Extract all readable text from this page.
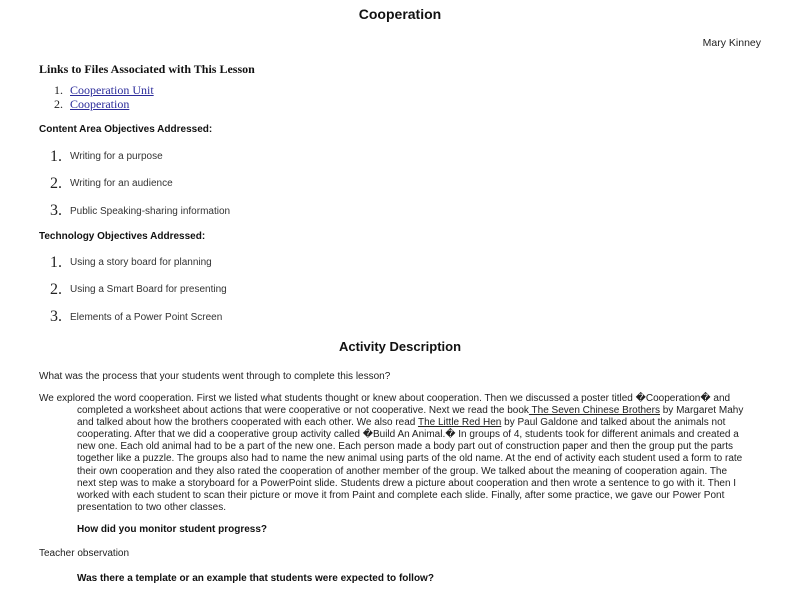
Cooperation
Mary Kinney
Links to Files Associated with This Lesson
1. Cooperation Unit
2. Cooperation
Content Area Objectives Addressed:
1. Writing for a purpose
2. Writing for an audience
3. Public Speaking-sharing information
Technology Objectives Addressed:
1. Using a story board for planning
2. Using a Smart Board for presenting
3. Elements of a Power Point Screen
Activity Description
What was the process that your students went through to complete this lesson?
We explored the word cooperation. First we listed what students thought or knew about cooperation. Then we discussed a poster titled �Cooperation� and
completed a worksheet about actions that were cooperative or not cooperative. Next we read the book The Seven Chinese Brothers by Margaret Mahy
and talked about how the brothers cooperated with each other. We also read The Little Red Hen by Paul Galdone and talked about the animals not
cooperating. After that we did a cooperative group activity called �Build An Animal.� In groups of 4, students took for different animals and created a
new one. Each old animal had to be a part of the new one. Each person made a body part out of construction paper and then the group put the parts
together like a puzzle. The groups also had to name the new animal using parts of the old name. At the end of activity each student used a form to rate
their own cooperation and they also rated the cooperation of another member of the group. We talked about the meaning of cooperation again. The
next step was to make a storyboard for a PowerPoint slide. Students drew a picture about cooperation and then wrote a sentence to go with it. Then I
worked with each student to scan their picture or move it from Paint and complete each slide. Finally, after some practice, we gave our Power Pont
presentation to two other classes.
How did you monitor student progress?
Teacher observation
Was there a template or an example that students were expected to follow?
